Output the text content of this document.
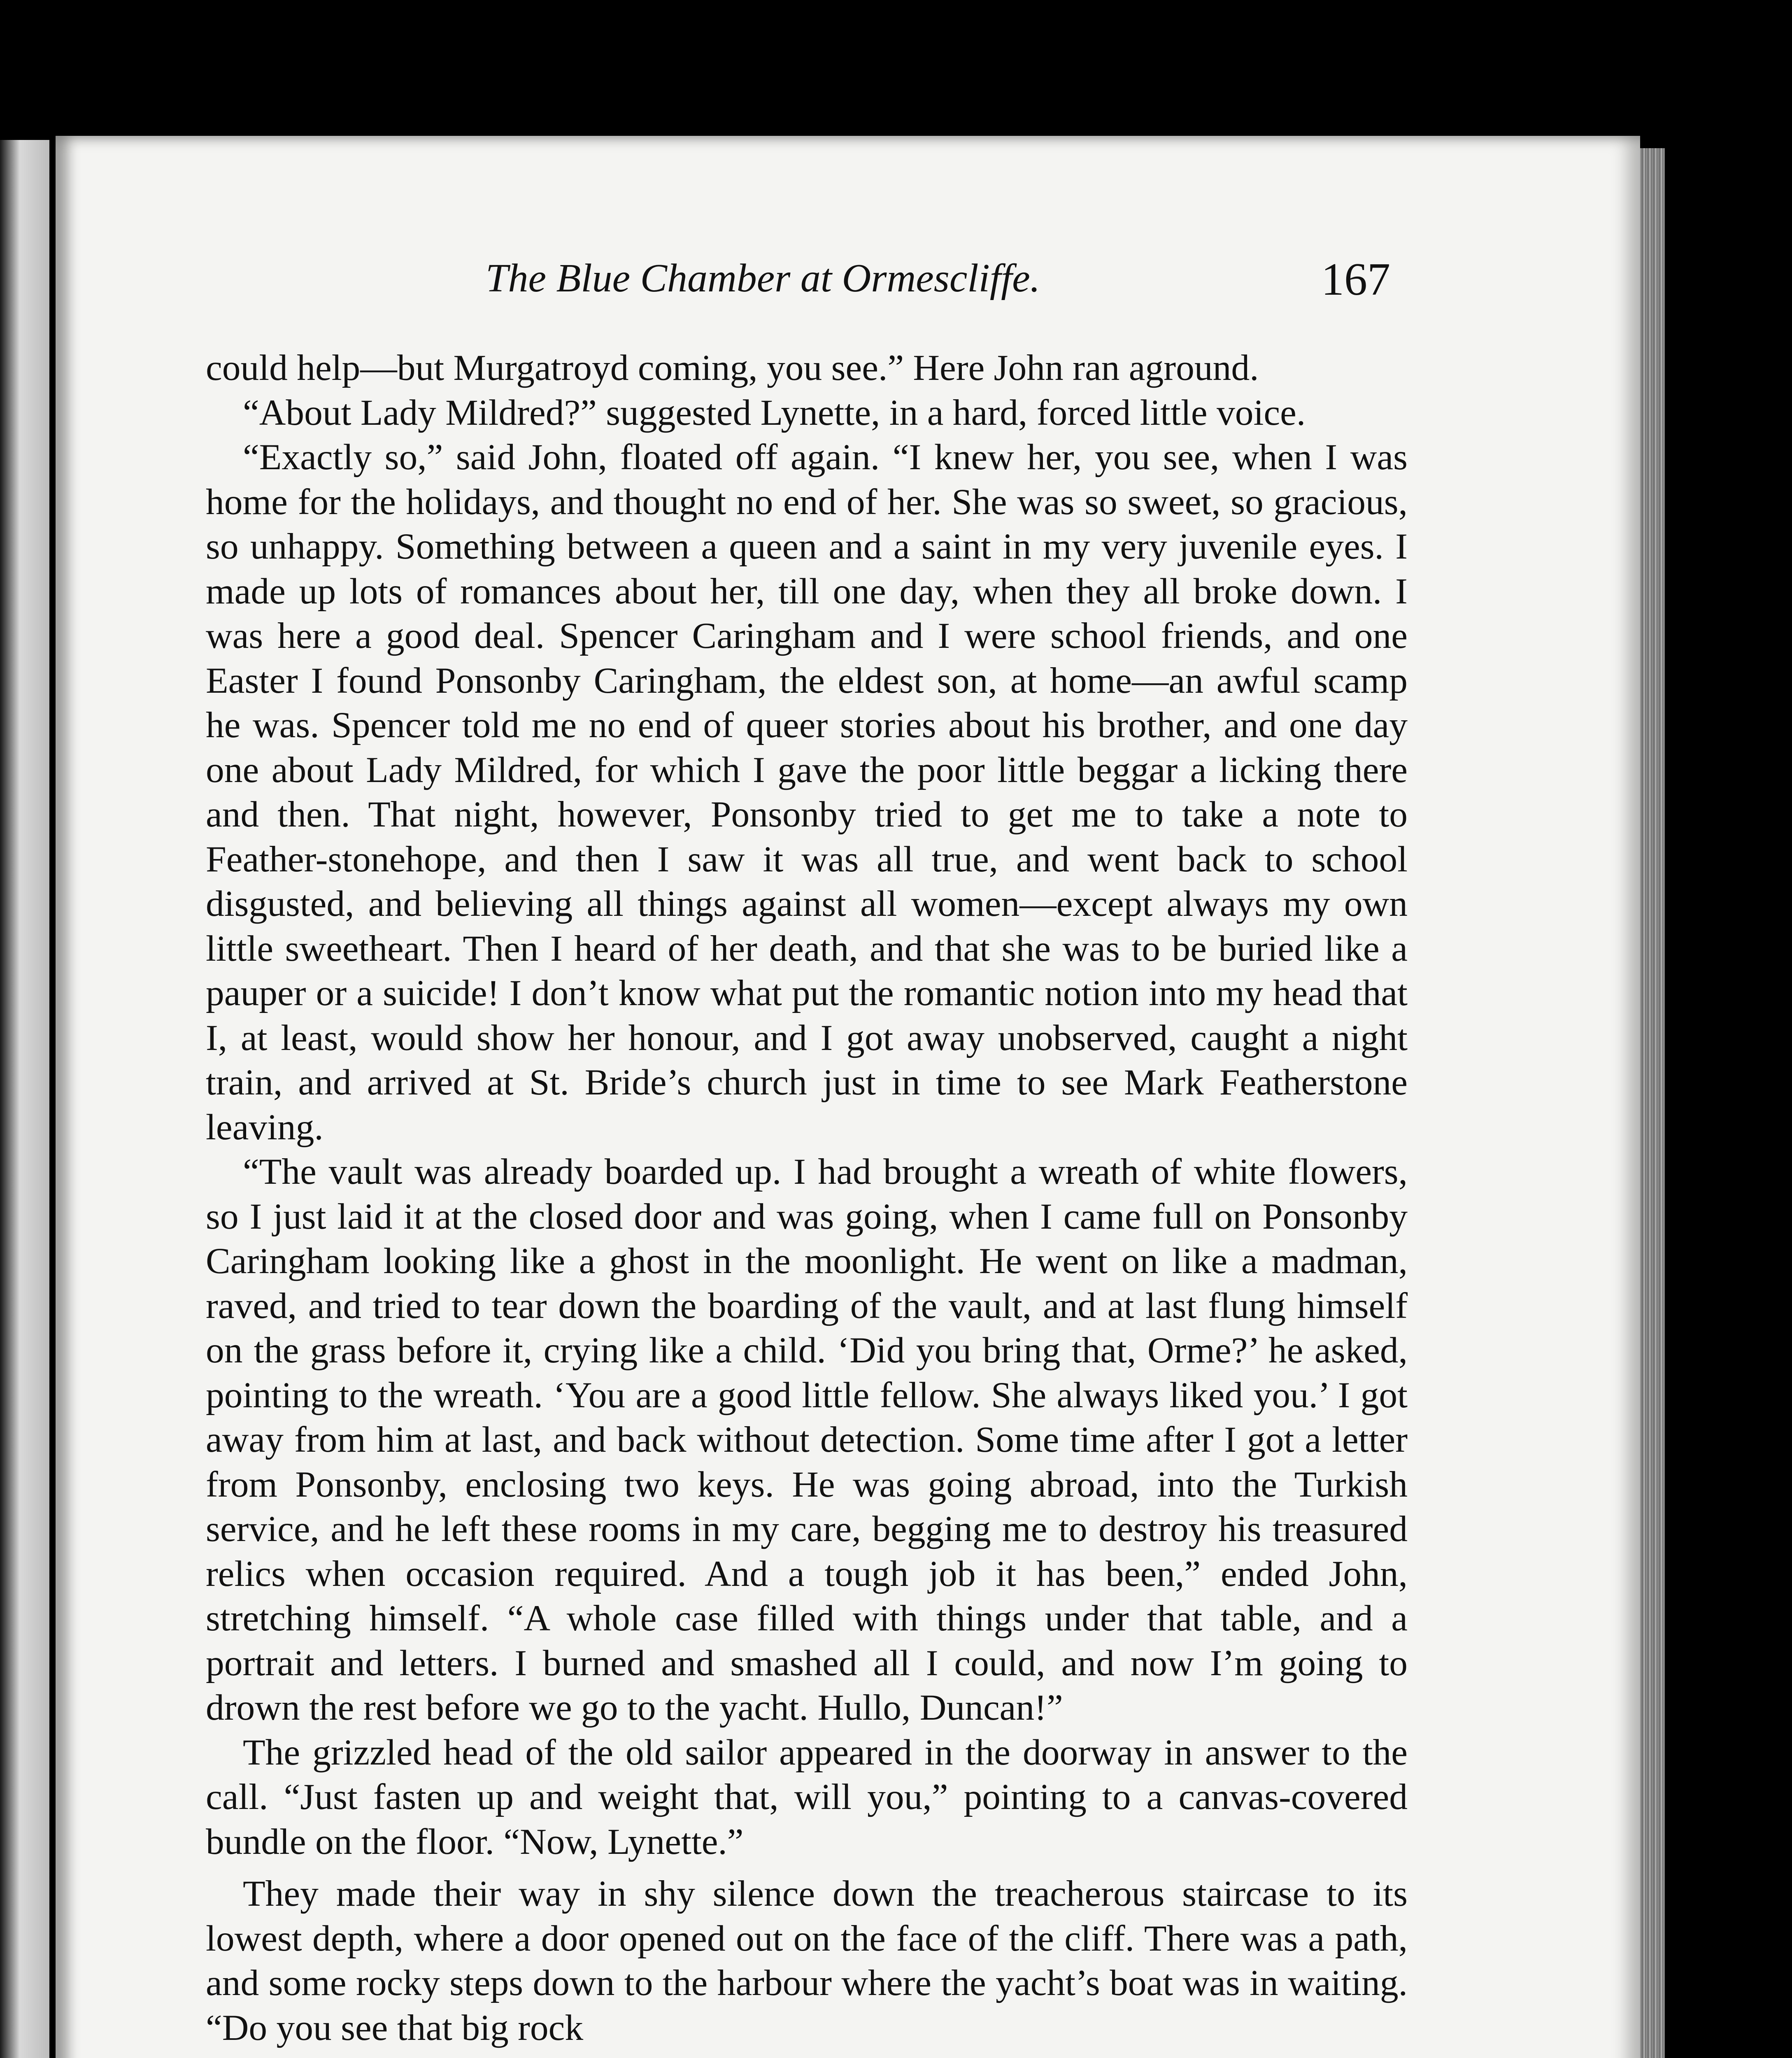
The Blue Chamber at Ormescliffe.	167

could help—but Murgatroyd coming, you see.” Here John ran aground.

“About Lady Mildred?” suggested Lynette, in a hard, forced little voice.

“Exactly so,” said John, floated off again. “I knew her, you see, when I was home for the holidays, and thought no end of her. She was so sweet, so gracious, so unhappy. Something between a queen and a saint in my very juvenile eyes. I made up lots of romances about her, till one day, when they all broke down. I was here a good deal. Spencer Caringham and I were school friends, and one Easter I found Ponsonby Caringham, the eldest son, at home—an awful scamp he was. Spencer told me no end of queer stories about his brother, and one day one about Lady Mildred, for which I gave the poor little beggar a licking there and then. That night, however, Ponsonby tried to get me to take a note to Feather-stonehope, and then I saw it was all true, and went back to school disgusted, and believing all things against all women—except always my own little sweetheart. Then I heard of her death, and that she was to be buried like a pauper or a suicide! I don’t know what put the romantic notion into my head that I, at least, would show her honour, and I got away unobserved, caught a night train, and arrived at St. Bride’s church just in time to see Mark Featherstone leaving.

“The vault was already boarded up. I had brought a wreath of white flowers, so I just laid it at the closed door and was going, when I came full on Ponsonby Caringham looking like a ghost in the moonlight. He went on like a madman, raved, and tried to tear down the boarding of the vault, and at last flung himself on the grass before it, crying like a child. ‘Did you bring that, Orme?’ he asked, pointing to the wreath. ‘You are a good little fellow. She always liked you.’ I got away from him at last, and back without detection. Some time after I got a letter from Ponsonby, enclosing two keys. He was going abroad, into the Turkish service, and he left these rooms in my care, begging me to destroy his treasured relics when occasion required. And a tough job it has been,” ended John, stretching himself. “A whole case filled with things under that table, and a portrait and letters. I burned and smashed all I could, and now I’m going to drown the rest before we go to the yacht. Hullo, Duncan!”

The grizzled head of the old sailor appeared in the doorway in answer to the call. “Just fasten up and weight that, will you,” pointing to a canvas-covered bundle on the floor. “Now, Lynette.”

They made their way in shy silence down the treacherous staircase to its lowest depth, where a door opened out on the face of the cliff. There was a path, and some rocky steps down to the harbour where the yacht’s boat was in waiting. “Do you see that big rock
